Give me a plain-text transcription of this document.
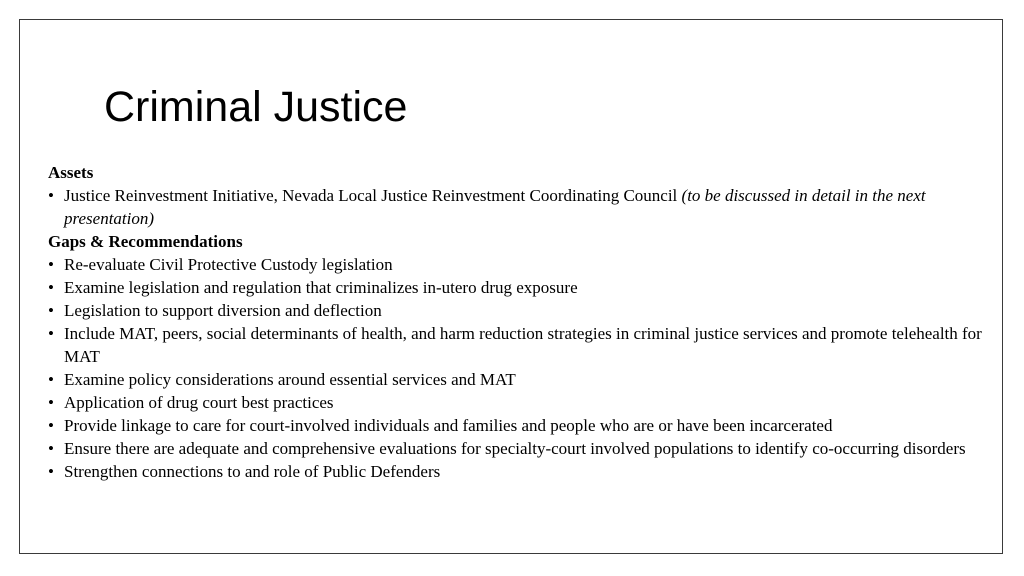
Criminal Justice

Assets

• Justice Reinvestment Initiative, Nevada Local Justice Reinvestment Coordinating Council (to be discussed in detail in the next presentation)

Gaps & Recommendations

• Re-evaluate Civil Protective Custody legislation
• Examine legislation and regulation that criminalizes in-utero drug exposure
• Legislation to support diversion and deflection
• Include MAT, peers, social determinants of health, and harm reduction strategies in criminal justice services and promote telehealth for MAT
• Examine policy considerations around essential services and MAT
• Application of drug court best practices
• Provide linkage to care for court-involved individuals and families and people who are or have been incarcerated
• Ensure there are adequate and comprehensive evaluations for specialty-court involved populations to identify co-occurring disorders
• Strengthen connections to and role of Public Defenders
